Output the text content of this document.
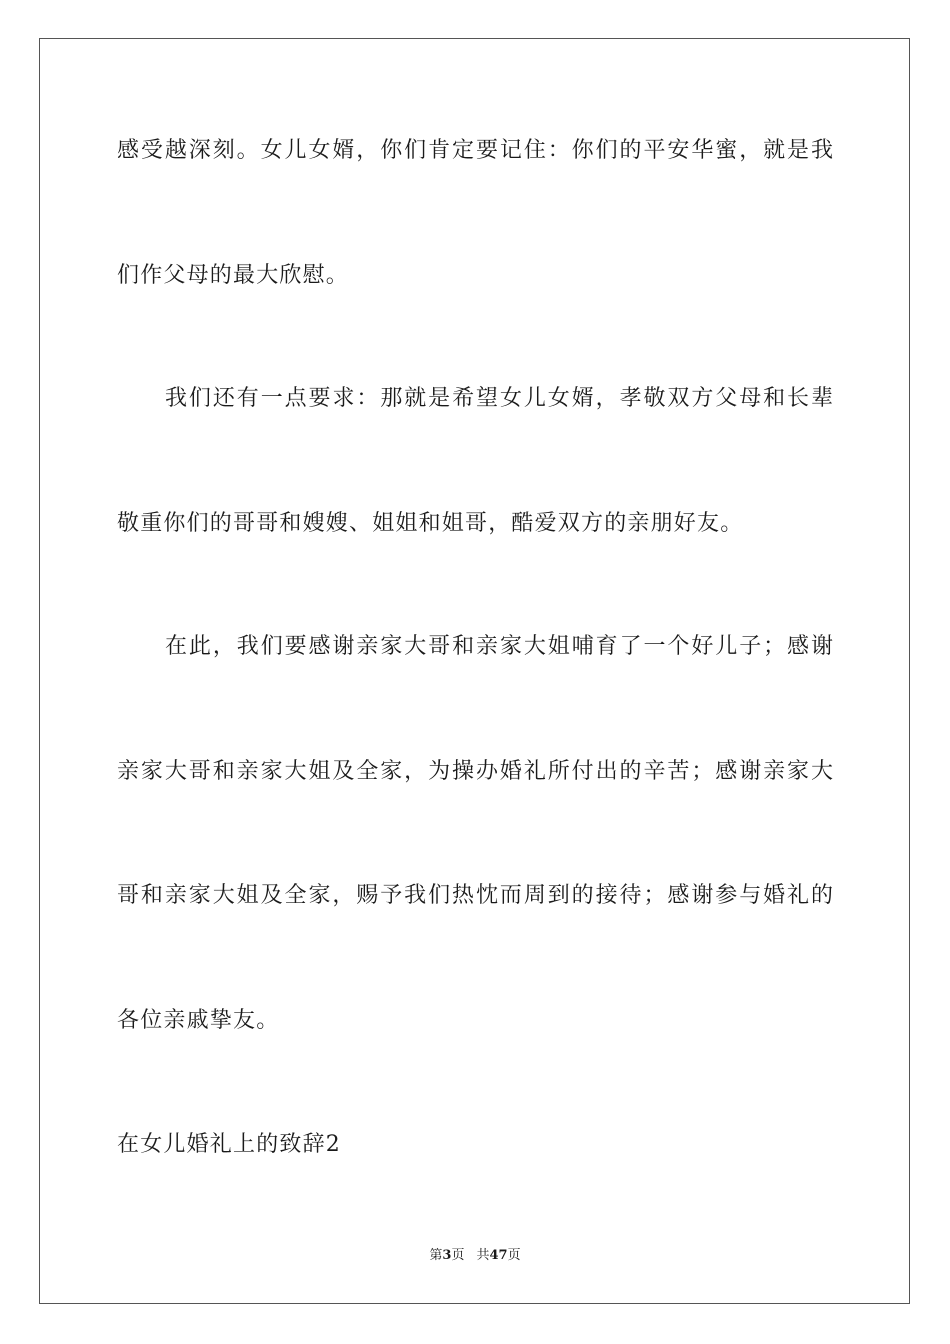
感受越深刻。女儿女婿，你们肯定要记住：你们的平安华蜜，就是我
们作父母的最大欣慰。
我们还有一点要求：那就是希望女儿女婿，孝敬双方父母和长辈
敬重你们的哥哥和嫂嫂、姐姐和姐哥，酷爱双方的亲朋好友。
在此，我们要感谢亲家大哥和亲家大姐哺育了一个好儿子；感谢
亲家大哥和亲家大姐及全家，为操办婚礼所付出的辛苦；感谢亲家大
哥和亲家大姐及全家，赐予我们热忱而周到的接待；感谢参与婚礼的
各位亲戚挚友。
在女儿婚礼上的致辞2
第3页 共47页
